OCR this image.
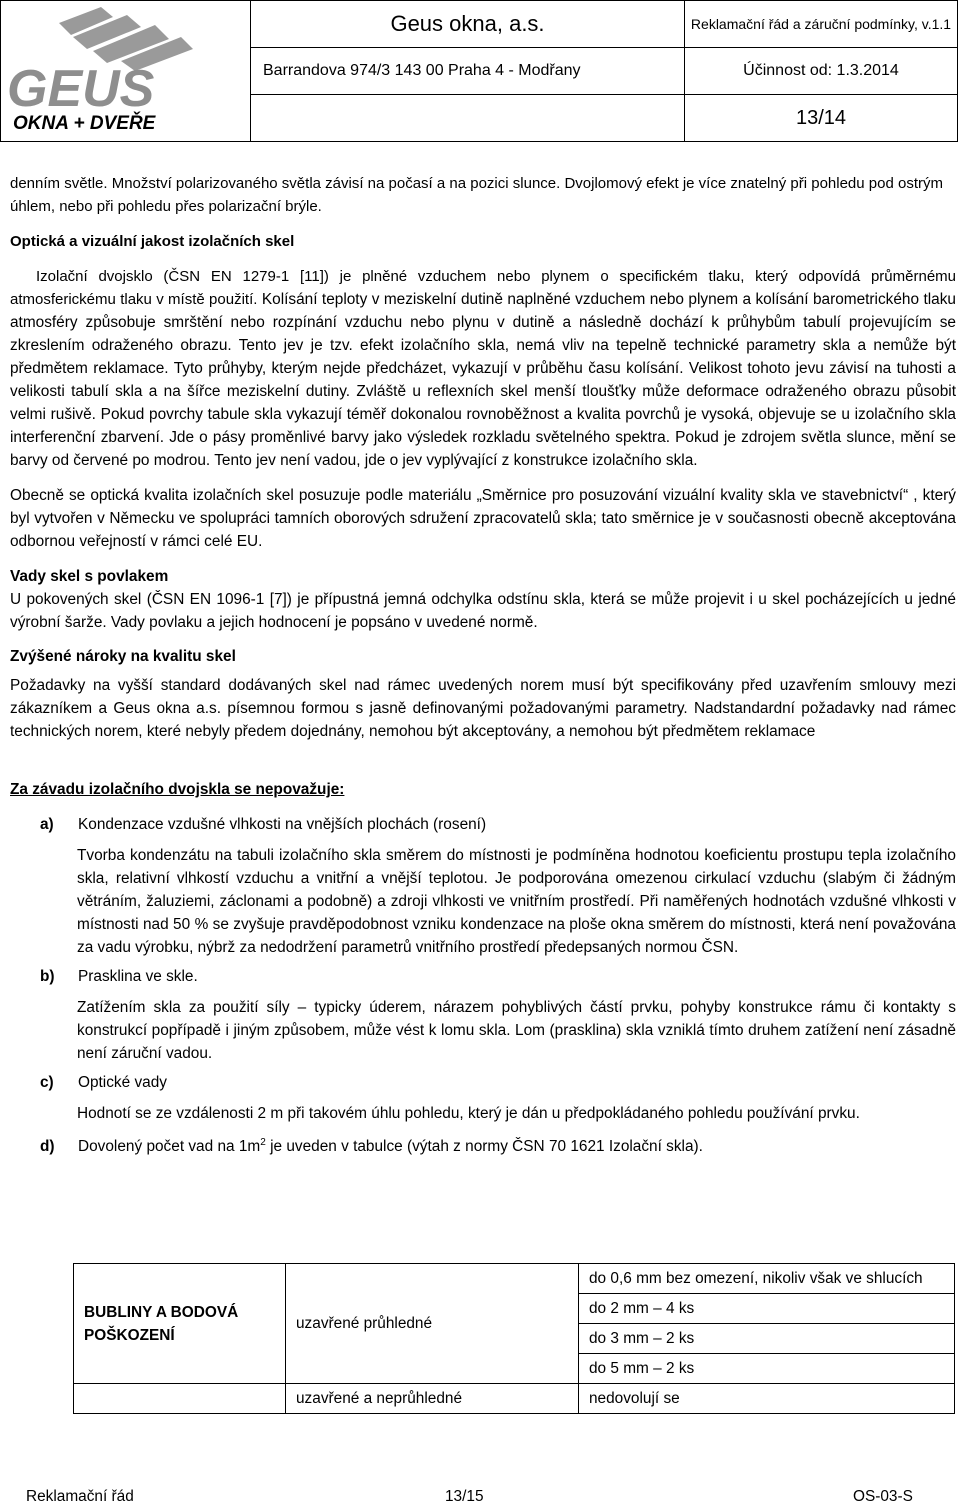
GEUS
OKNA + DVEŘE	Geus okna, a.s.	Reklamační řád a záruční podmínky, v.1.1
	Barrandova 974/3 143 00 Praha 4 - Modřany	Účinnost od: 1.3.2014
		13/14

denním světle. Množství polarizovaného světla závisí na počasí a na pozici slunce. Dvojlomový efekt je více znatelný při pohledu pod ostrým úhlem, nebo při pohledu přes polarizační brýle.

Optická a vizuální jakost izolačních skel

Izolační dvojsklo (ČSN EN 1279-1 [11]) je plněné vzduchem nebo plynem o specifickém tlaku, který odpovídá průměrnému atmosferickému tlaku v místě použití. Kolísání teploty v meziskelní dutině naplněné vzduchem nebo plynem a kolísání barometrického tlaku atmosféry způsobuje smrštění nebo rozpínání vzduchu nebo plynu v dutině a následně dochází k průhybům tabulí projevujícím se zkreslením odraženého obrazu. Tento jev je tzv. efekt izolačního skla, nemá vliv na tepelně technické parametry skla a nemůže být předmětem reklamace. Tyto průhyby, kterým nejde předcházet, vykazují v průběhu času kolísání. Velikost tohoto jevu závisí na tuhosti a velikosti tabulí skla a na šířce meziskelní dutiny. Zvláště u reflexních skel menší tloušťky může deformace odraženého obrazu působit velmi rušivě. Pokud povrchy tabule skla vykazují téměř dokonalou rovnoběžnost a kvalita povrchů je vysoká, objevuje se u izolačního skla interferenční zbarvení. Jde o pásy proměnlivé barvy jako výsledek rozkladu světelného spektra. Pokud je zdrojem světla slunce, mění se barvy od červené po modrou. Tento jev není vadou, jde o jev vyplývající z konstrukce izolačního skla.

Obecně se optická kvalita izolačních skel posuzuje podle materiálu „Směrnice pro posuzování vizuální kvality skla ve stavebnictví“ , který byl vytvořen v Německu ve spolupráci tamních oborových sdružení zpracovatelů skla; tato směrnice je v současnosti obecně akceptována odbornou veřejností v rámci celé EU.

Vady skel s povlakem

U pokovených skel (ČSN EN 1096-1 [7]) je přípustná jemná odchylka odstínu skla, která se může projevit i u skel pocházejících u jedné výrobní šarže. Vady povlaku a jejich hodnocení je popsáno v uvedené normě.

Zvýšené nároky na kvalitu skel

Požadavky na vyšší standard dodávaných skel nad rámec uvedených norem musí být specifikovány před uzavřením smlouvy mezi zákazníkem a Geus okna a.s. písemnou formou s jasně definovanými požadovanými parametry. Nadstandardní požadavky nad rámec technických norem, které nebyly předem dojednány, nemohou být akceptovány, a nemohou být předmětem reklamace

Za závadu izolačního dvojskla se nepovažuje:

a) Kondenzace vzdušné vlhkosti na vnějších plochách (rosení)

Tvorba kondenzátu na tabuli izolačního skla směrem do místnosti je podmíněna hodnotou koeficientu prostupu tepla izolačního skla, relativní vlhkostí vzduchu a vnitřní a vnější teplotou. Je podporována omezenou cirkulací vzduchu (slabým či žádným větráním, žaluziemi, záclonami a podobně) a zdroji vlhkosti ve vnitřním prostředí. Při naměřených hodnotách vzdušné vlhkosti v místnosti nad 50 % se zvyšuje pravděpodobnost vzniku kondenzace na ploše okna směrem do místnosti, která není považována za vadu výrobku, nýbrž za nedodržení parametrů vnitřního prostředí předepsaných normou ČSN.

b) Prasklina ve skle.

Zatížením skla za použití síly – typicky úderem, nárazem pohyblivých částí prvku, pohyby konstrukce rámu či kontakty s konstrukcí popřípadě i jiným způsobem, může vést k lomu skla. Lom (prasklina) skla vzniklá tímto druhem zatížení není zásadně není záruční vadou.

c) Optické vady

Hodnotí se ze vzdálenosti 2 m při takovém úhlu pohledu, který je dán u předpokládaného pohledu používání prvku.

d) Dovolený počet vad na $1m^2$ je uveden v tabulce (výtah z normy ČSN 70 1621 Izolační skla).

BUBLINY A BODOVÁ POŠKOZENÍ	uzavřené průhledné	do 0,6 mm bez omezení, nikoliv však ve shlucích
		do 2 mm – 4 ks
		do 3 mm – 2 ks
		do 5 mm – 2 ks
	uzavřené a neprůhledné	nedovolují se
Reklamační řád	13/15	OS-03-S
